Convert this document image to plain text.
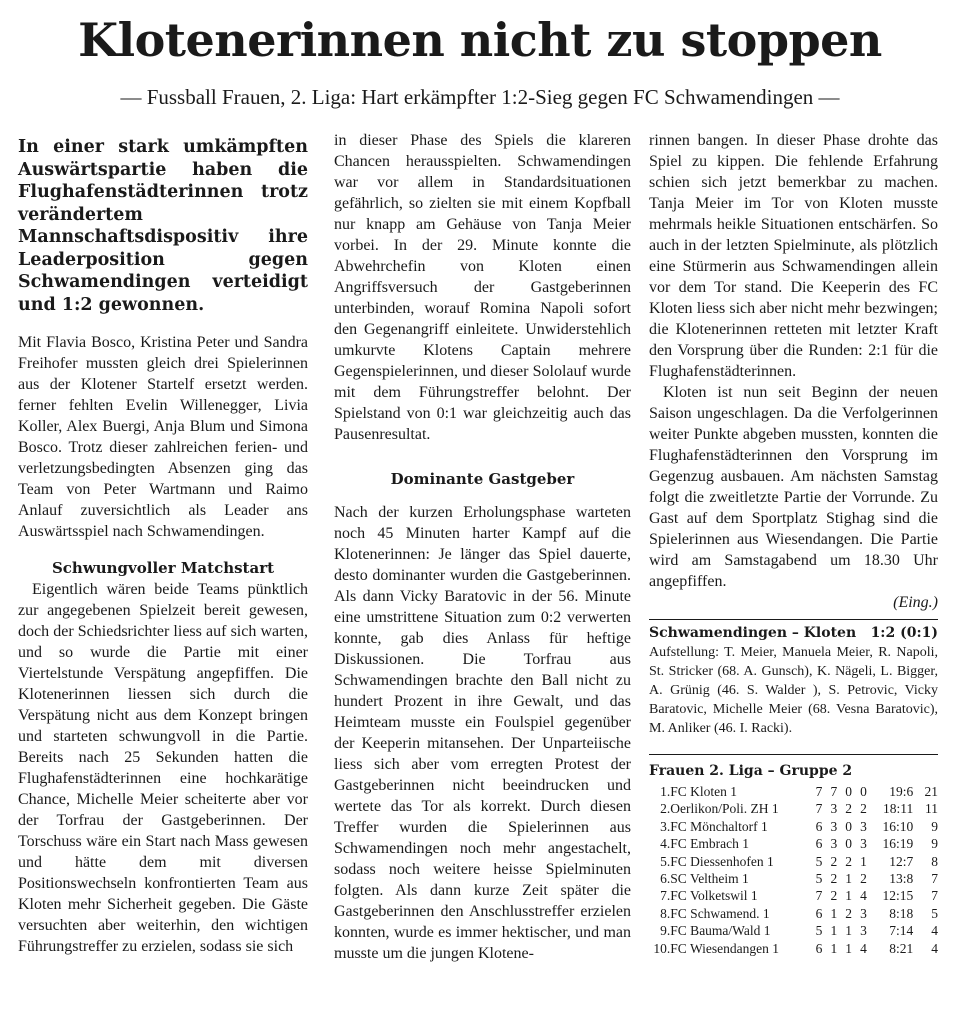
Klotenerinnen nicht zu stoppen

— Fussball Frauen, 2. Liga: Hart erkämpfter 1:2-Sieg gegen FC Schwamendingen —

In einer stark umkämpften Auswärtspartie haben die Flughafenstädterinnen trotz verändertem Mannschaftsdispositiv ihre Leaderposition gegen Schwamendingen verteidigt und 1:2 gewonnen.

Mit Flavia Bosco, Kristina Peter und Sandra Freihofer mussten gleich drei Spielerinnen aus der Klotener Startelf ersetzt werden. ferner fehlten Evelin Willenegger, Livia Koller, Alex Buergi, Anja Blum und Simona Bosco. Trotz dieser zahlreichen ferien- und verletzungsbedingten Absenzen ging das Team von Peter Wartmann und Raimo Anlauf zuversichtlich als Leader ans Auswärtsspiel nach Schwamendingen.

Schwungvoller Matchstart

Eigentlich wären beide Teams pünktlich zur angegebenen Spielzeit bereit gewesen, doch der Schiedsrichter liess auf sich warten, und so wurde die Partie mit einer Viertelstunde Verspätung angepfiffen. Die Klotenerinnen liessen sich durch die Verspätung nicht aus dem Konzept bringen und starteten schwungvoll in die Partie. Bereits nach 25 Sekunden hatten die Flughafenstädterinnen eine hochkarätige Chance, Michelle Meier scheiterte aber vor der Torfrau der Gastgeberinnen. Der Torschuss wäre ein Start nach Mass gewesen und hätte dem mit diversen Positionswechseln konfrontierten Team aus Kloten mehr Sicherheit gegeben. Die Gäste versuchten aber weiterhin, den wichtigen Führungstreffer zu erzielen, sodass sie sich

in dieser Phase des Spiels die klareren Chancen herausspielten. Schwamendingen war vor allem in Standardsituationen gefährlich, so zielten sie mit einem Kopfball nur knapp am Gehäuse von Tanja Meier vorbei. In der 29. Minute konnte die Abwehrchefin von Kloten einen Angriffsversuch der Gastgeberinnen unterbinden, worauf Romina Napoli sofort den Gegenangriff einleitete. Unwiderstehlich umkurvte Klotens Captain mehrere Gegenspielerinnen, und dieser Sololauf wurde mit dem Führungstreffer belohnt. Der Spielstand von 0:1 war gleichzeitig auch das Pausenresultat.

Dominante Gastgeber

Nach der kurzen Erholungsphase warteten noch 45 Minuten harter Kampf auf die Klotenerinnen: Je länger das Spiel dauerte, desto dominanter wurden die Gastgeberinnen. Als dann Vicky Baratovic in der 56. Minute eine umstrittene Situation zum 0:2 verwerten konnte, gab dies Anlass für heftige Diskussionen. Die Torfrau aus Schwamendingen brachte den Ball nicht zu hundert Prozent in ihre Gewalt, und das Heimteam musste ein Foulspiel gegenüber der Keeperin mitansehen. Der Unparteiische liess sich aber vom erregten Protest der Gastgeberinnen nicht beeindrucken und wertete das Tor als korrekt. Durch diesen Treffer wurden die Spielerinnen aus Schwamendingen noch mehr angestachelt, sodass noch weitere heisse Spielminuten folgten. Als dann kurze Zeit später die Gastgeberinnen den Anschlusstreffer erzielen konnten, wurde es immer hektischer, und man musste um die jungen Klotene-

rinnen bangen. In dieser Phase drohte das Spiel zu kippen. Die fehlende Erfahrung schien sich jetzt bemerkbar zu machen. Tanja Meier im Tor von Kloten musste mehrmals heikle Situationen entschärfen. So auch in der letzten Spielminute, als plötzlich eine Stürmerin aus Schwamendingen allein vor dem Tor stand. Die Keeperin des FC Kloten liess sich aber nicht mehr bezwingen; die Klotenerinnen retteten mit letzter Kraft den Vorsprung über die Runden: 2:1 für die Flughafenstädterinnen.

Kloten ist nun seit Beginn der neuen Saison ungeschlagen. Da die Verfolgerinnen weiter Punkte abgeben mussten, konnten die Flughafenstädterinnen den Vorsprung im Gegenzug ausbauen. Am nächsten Samstag folgt die zweitletzte Partie der Vorrunde. Zu Gast auf dem Sportplatz Stighag sind die Spielerinnen aus Wiesendangen. Die Partie wird am Samstagabend um 18.30 Uhr angepfiffen.

(Eing.)
Schwamendingen – Kloten 1:2 (0:1)

Aufstellung: T. Meier, Manuela Meier, R. Napoli, St. Stricker (68. A. Gunsch), K. Nägeli, L. Bigger, A. Grünig (46. S. Walder ), S. Petrovic, Vicky Baratovic, Michelle Meier (68. Vesna Baratovic), M. Anliker (46. I. Racki).

Frauen 2. Liga – Gruppe 2
1.	FC Kloten 1	7	7	0	0	19:6	21
2.	Oerlikon/Poli. ZH 1	7	3	2	2	18:11	11
3.	FC Mönchaltorf 1	6	3	0	3	16:10	9
4.	FC Embrach 1	6	3	0	3	16:19	9
5.	FC Diessenhofen 1	5	2	2	1	12:7	8
6.	SC Veltheim 1	5	2	1	2	13:8	7
7.	FC Volketswil 1	7	2	1	4	12:15	7
8.	FC Schwamend. 1	6	1	2	3	8:18	5
9.	FC Bauma/Wald 1	5	1	1	3	7:14	4
10.	FC Wiesendangen 1	6	1	1	4	8:21	4
